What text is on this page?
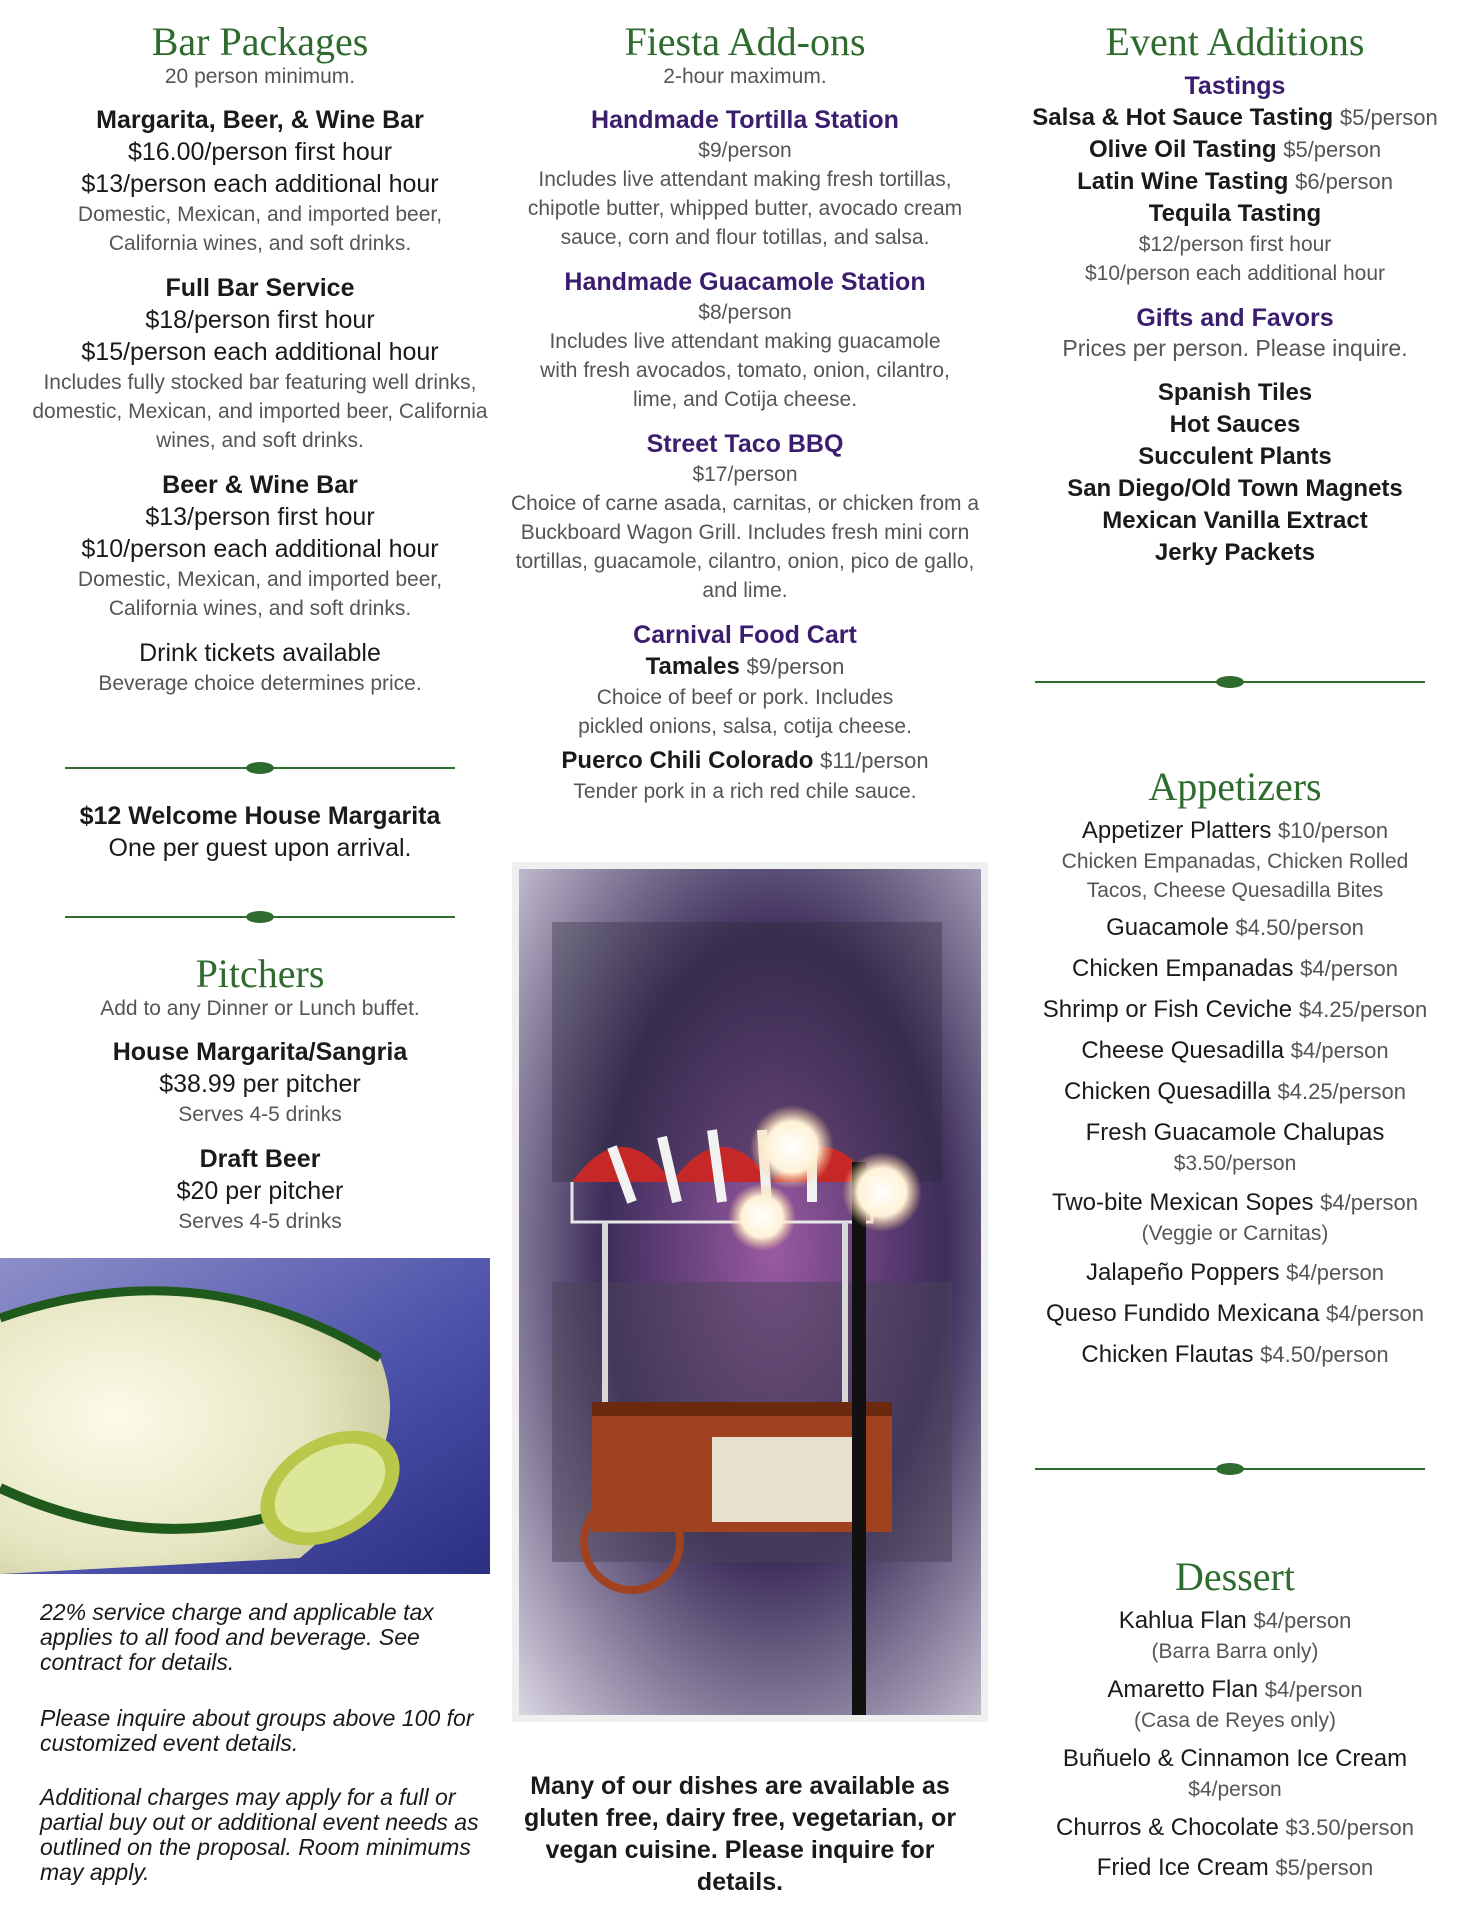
Bar Packages

20 person minimum.

Margarita, Beer, & Wine Bar

$16.00/person first hour

$13/person each additional hour

Domestic, Mexican, and imported beer, California wines, and soft drinks.

Full Bar Service

$18/person first hour

$15/person each additional hour

Includes fully stocked bar featuring well drinks, domestic, Mexican, and imported beer, California wines, and soft drinks.

Beer & Wine Bar

$13/person first hour

$10/person each additional hour

Domestic, Mexican, and imported beer, California wines, and soft drinks.

Drink tickets available

Beverage choice determines price.

$12 Welcome House Margarita

One per guest upon arrival.

Pitchers

Add to any Dinner or Lunch buffet.

House Margarita/Sangria

$38.99 per pitcher

Serves 4-5 drinks

Draft Beer

$20 per pitcher

Serves 4-5 drinks

22% service charge and applicable tax applies to all food and beverage. See contract for details.

Please inquire about groups above 100 for customized event details.

Additional charges may apply for a full or partial buy out or additional event needs as outlined on the proposal. Room minimums may apply.

Fiesta Add-ons

2-hour maximum.

Handmade Tortilla Station

$9/person

Includes live attendant making fresh tortillas, chipotle butter, whipped butter, avocado cream sauce, corn and flour totillas, and salsa.

Handmade Guacamole Station

$8/person

Includes live attendant making guacamole with fresh avocados, tomato, onion, cilantro, lime, and Cotija cheese.

Street Taco BBQ

$17/person

Choice of carne asada, carnitas, or chicken from a Buckboard Wagon Grill. Includes fresh mini corn tortillas, guacamole, cilantro, onion, pico de gallo, and lime.

Carnival Food Cart

Tamales $9/person

Choice of beef or pork. Includes pickled onions, salsa, cotija cheese.

Puerco Chili Colorado $11/person

Tender pork in a rich red chile sauce.

Many of our dishes are available as gluten free, dairy free, vegetarian, or vegan cuisine. Please inquire for details.

Event Additions

Tastings

Salsa & Hot Sauce Tasting $5/person

Olive Oil Tasting $5/person

Latin Wine Tasting $6/person

Tequila Tasting

$12/person first hour

$10/person each additional hour

Gifts and Favors

Prices per person. Please inquire.

Spanish Tiles

Hot Sauces

Succulent Plants

San Diego/Old Town Magnets

Mexican Vanilla Extract

Jerky Packets

Appetizers

Appetizer Platters $10/person

Chicken Empanadas, Chicken Rolled Tacos, Cheese Quesadilla Bites

Guacamole $4.50/person

Chicken Empanadas $4/person

Shrimp or Fish Ceviche $4.25/person

Cheese Quesadilla $4/person

Chicken Quesadilla $4.25/person

Fresh Guacamole Chalupas

$3.50/person

Two-bite Mexican Sopes $4/person

(Veggie or Carnitas)

Jalapeño Poppers $4/person

Queso Fundido Mexicana $4/person

Chicken Flautas $4.50/person

Dessert

Kahlua Flan $4/person

(Barra Barra only)

Amaretto Flan $4/person

(Casa de Reyes only)

Buñuelo & Cinnamon Ice Cream

$4/person

Churros & Chocolate $3.50/person

Fried Ice Cream $5/person
